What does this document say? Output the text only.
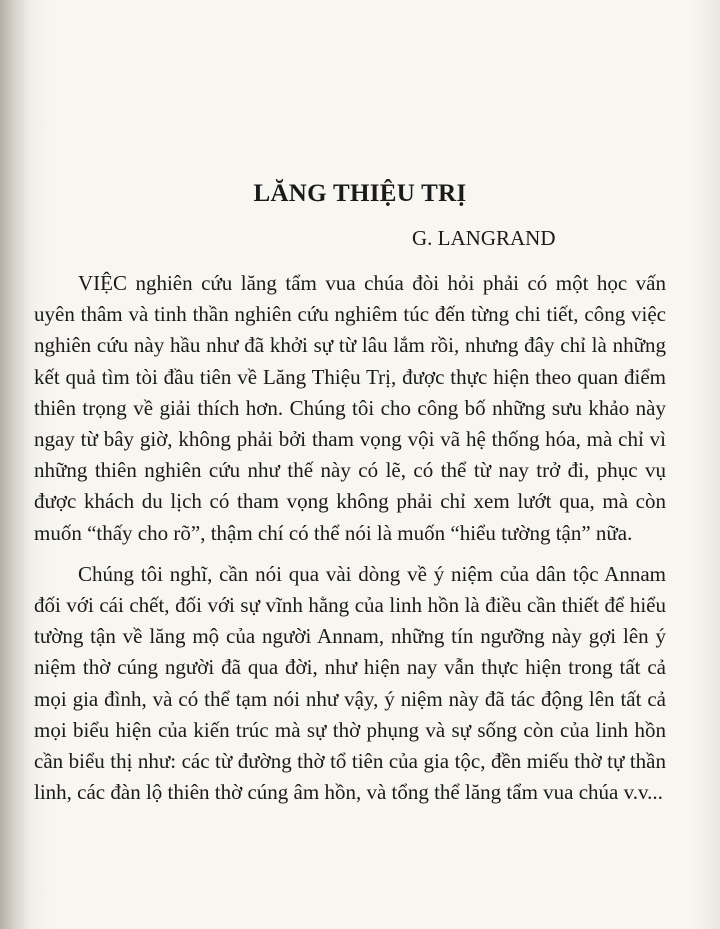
LĂNG THIỆU TRỊ
G. LANGRAND

VIỆC nghiên cứu lăng tẩm vua chúa đòi hỏi phải có một học vấn uyên thâm và tinh thần nghiên cứu nghiêm túc đến từng chi tiết, công việc nghiên cứu này hầu như đã khởi sự từ lâu lắm rồi, nhưng đây chỉ là những kết quả tìm tòi đầu tiên về Lăng Thiệu Trị, được thực hiện theo quan điểm thiên trọng về giải thích hơn. Chúng tôi cho công bố những sưu khảo này ngay từ bây giờ, không phải bởi tham vọng vội vã hệ thống hóa, mà chỉ vì những thiên nghiên cứu như thế này có lẽ, có thể từ nay trở đi, phục vụ được khách du lịch có tham vọng không phải chỉ xem lướt qua, mà còn muốn “thấy cho rõ”, thậm chí có thể nói là muốn “hiểu tường tận” nữa.

Chúng tôi nghĩ, cần nói qua vài dòng về ý niệm của dân tộc Annam đối với cái chết, đối với sự vĩnh hằng của linh hồn là điều cần thiết để hiểu tường tận về lăng mộ của người Annam, những tín ngưỡng này gợi lên ý niệm thờ cúng người đã qua đời, như hiện nay vẫn thực hiện trong tất cả mọi gia đình, và có thể tạm nói như vậy, ý niệm này đã tác động lên tất cả mọi biểu hiện của kiến trúc mà sự thờ phụng và sự sống còn của linh hồn cần biểu thị như: các từ đường thờ tổ tiên của gia tộc, đền miếu thờ tự thần linh, các đàn lộ thiên thờ cúng âm hồn, và tổng thể lăng tẩm vua chúa v.v...
